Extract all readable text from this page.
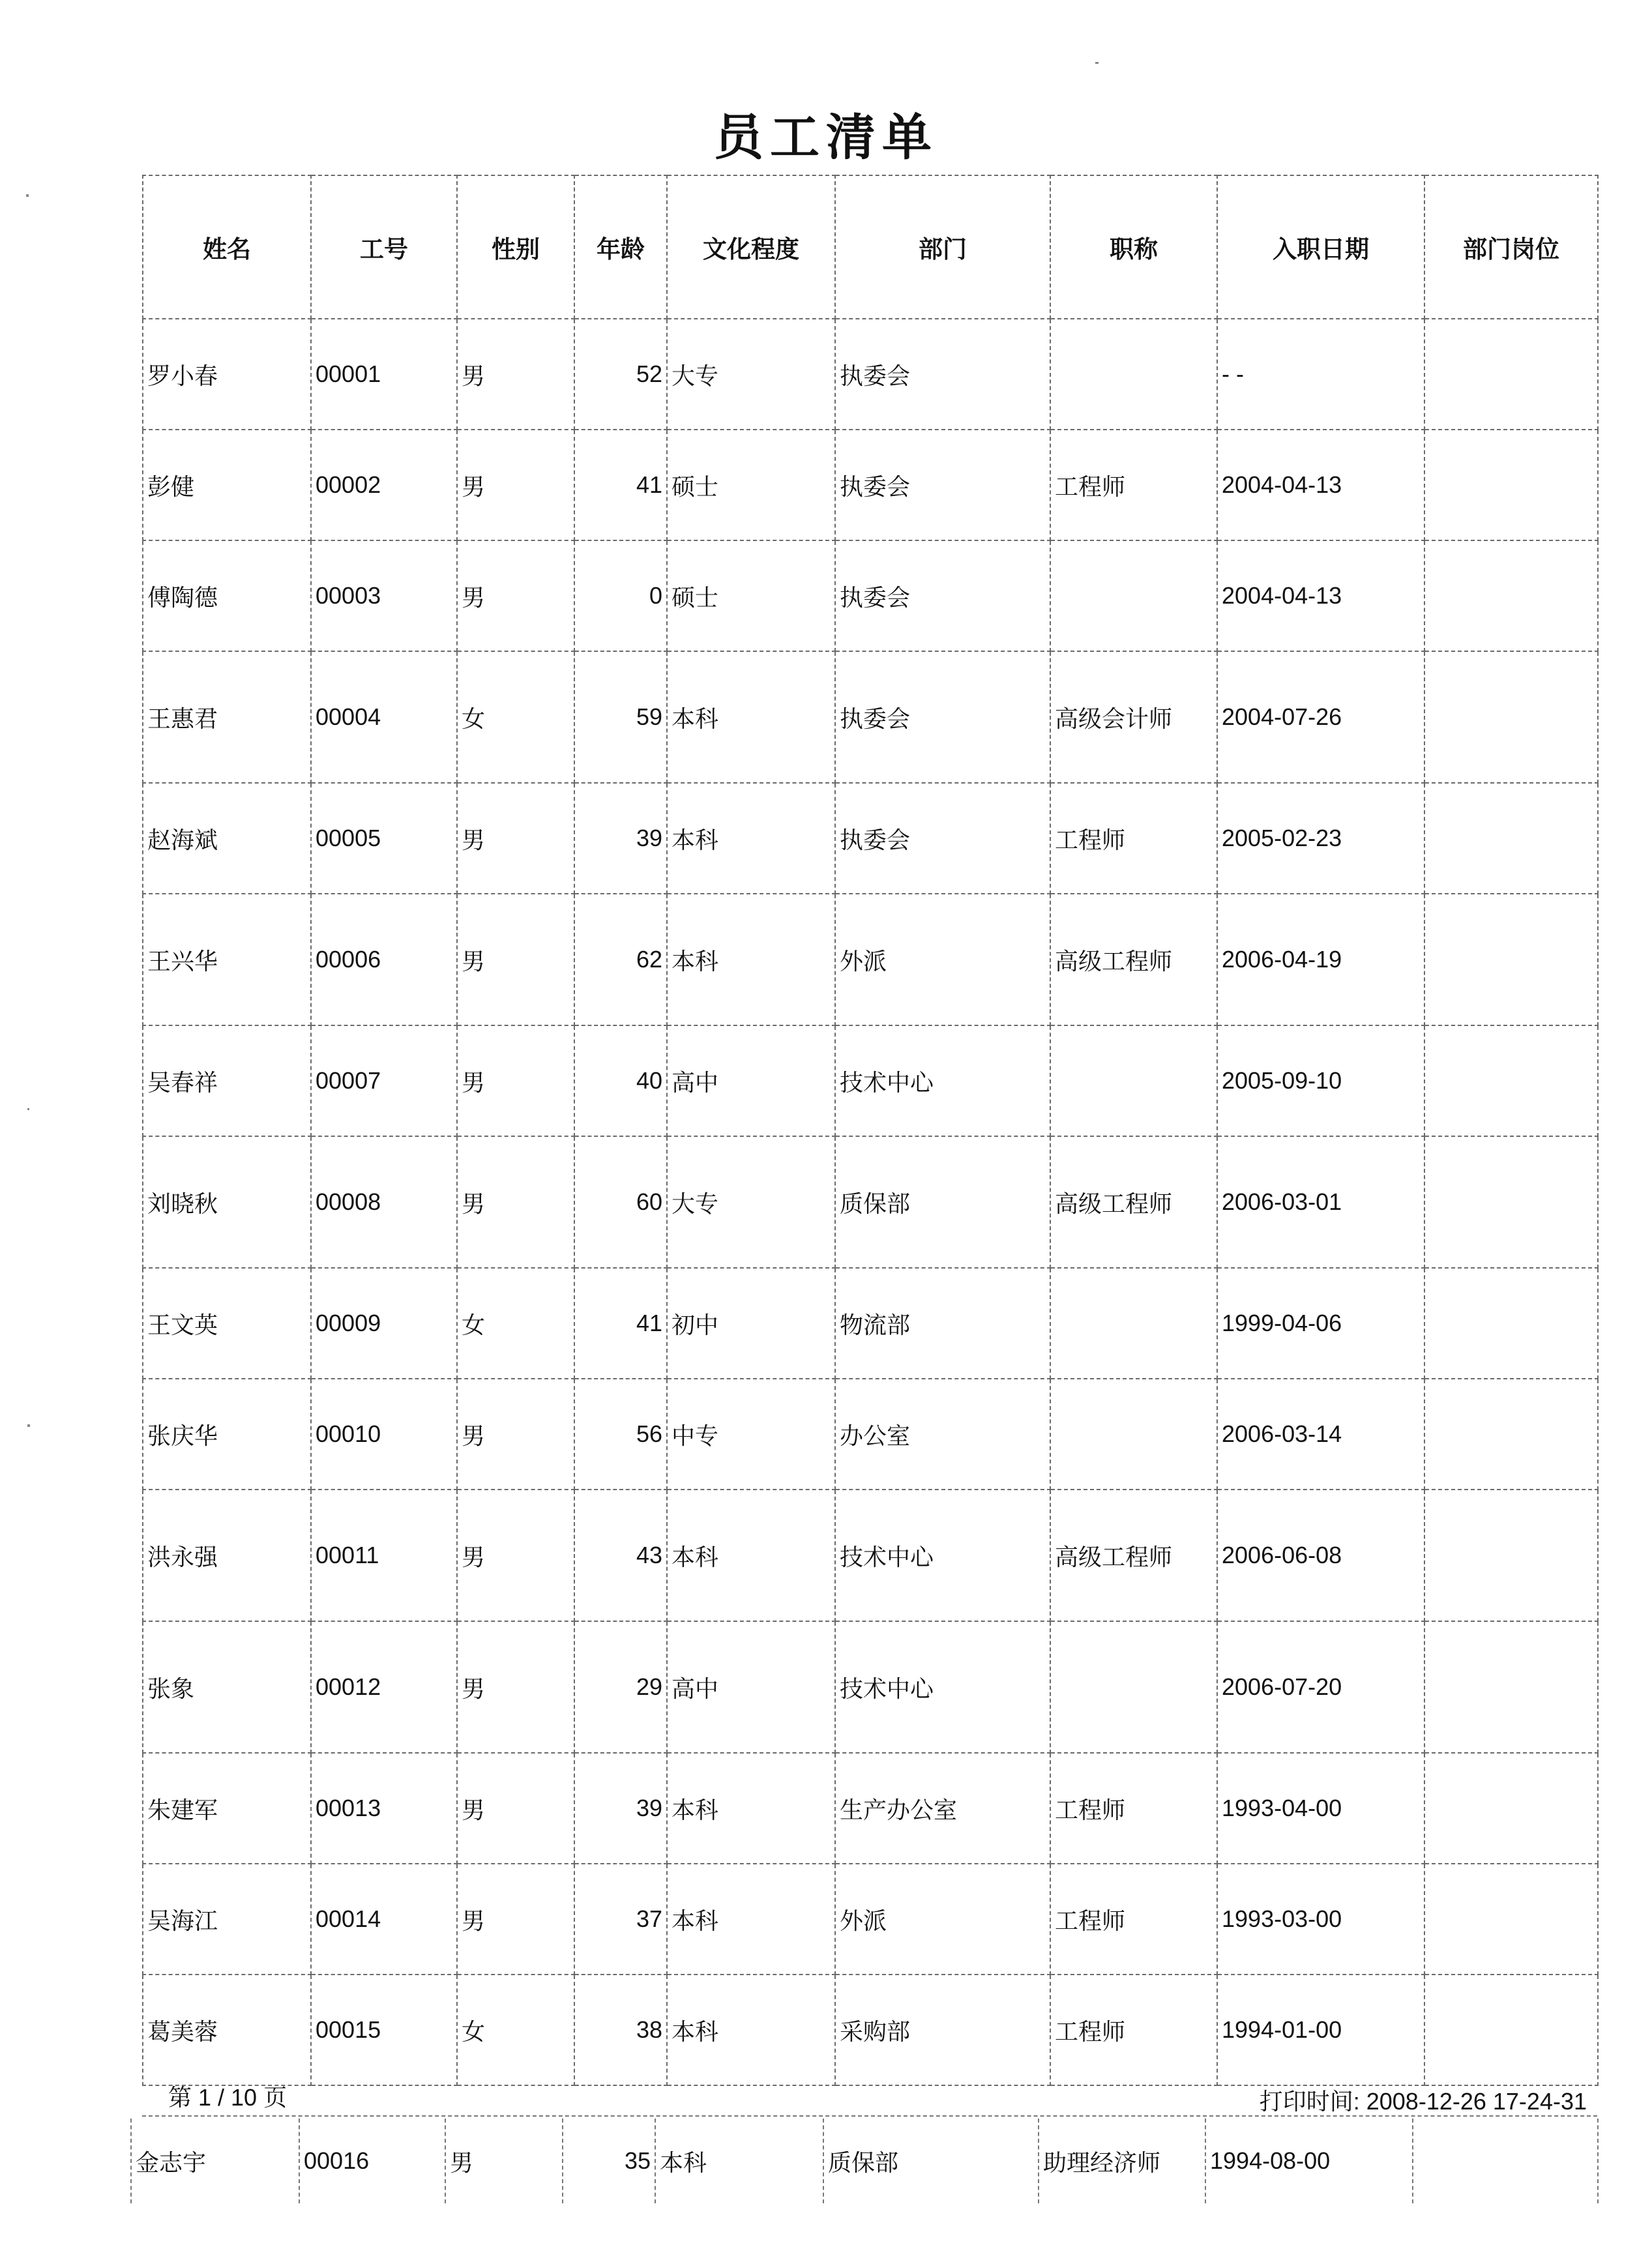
员工清单
姓名	工号	性别	年龄	文化程度	部门	职称	入职日期	部门岗位
罗小春	00001	男	52	大专	执委会		- -	
彭健	00002	男	41	硕士	执委会	工程师	2004-04-13	
傅陶德	00003	男	0	硕士	执委会		2004-04-13	
王惠君	00004	女	59	本科	执委会	高级会计师	2004-07-26	
赵海斌	00005	男	39	本科	执委会	工程师	2005-02-23	
王兴华	00006	男	62	本科	外派	高级工程师	2006-04-19	
吴春祥	00007	男	40	高中	技术中心		2005-09-10	
刘晓秋	00008	男	60	大专	质保部	高级工程师	2006-03-01	
王文英	00009	女	41	初中	物流部		1999-04-06	
张庆华	00010	男	56	中专	办公室		2006-03-14	
洪永强	00011	男	43	本科	技术中心	高级工程师	2006-06-08	
张象	00012	男	29	高中	技术中心		2006-07-20	
朱建军	00013	男	39	本科	生产办公室	工程师	1993-04-00	
吴海江	00014	男	37	本科	外派	工程师	1993-03-00	
葛美蓉	00015	女	38	本科	采购部	工程师	1994-01-00	
第 1 / 10 页	打印时间: 2008-12-26 17-24-31
金志宇	00016	男	35	本科	质保部	助理经济师	1994-08-00	
